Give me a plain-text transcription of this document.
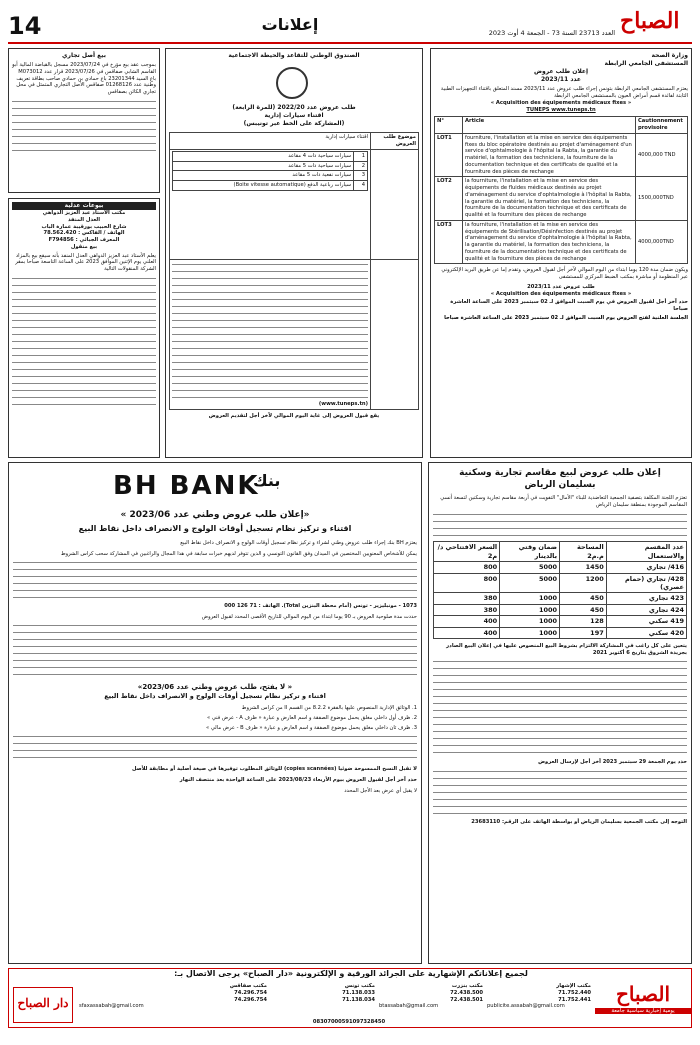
14	إعلانات	الصباح
العدد 23713 السنة 73 - الجمعة 4 أوت 2023
وزارة الصحة
المستشفى الجامعي الرابطة
إعلان طلب عروض
عدد 2023/11
يعتزم المستشفى الجامعي الرابطة بتونس إجراء طلب عروض عدد 2023/11 مسند المتعلق باقتناء التجهيزات الطبية الثابتة لفائدة قسم أمراض العيون بالمستشفى الجامعي الرابطة
« Acquisition des équipements médicaux fixes »
TUNEPS www.tuneps.tn
N°	Article	Cautionnement provisoire
LOT1	fourniture, l'installation et la mise en service des équipements fixes du bloc opératoire destinés au projet d'aménagement d'un service d'ophtalmologie à l'hôpital la Rabta, la garantie du matériel, la formation des techniciens, la fourniture de la documentation technique et des certificats de qualité et la fourniture des pièces de rechange	4000,000 TND
LOT2	la fourniture, l'installation et la mise en service des équipements de fluides médicaux destinés au projet d'aménagement du service d'ophtalmologie à l'hôpital la Rabta, la garantie du matériel, la formation des techniciens, la fourniture de la documentation technique et des certificats de qualité et la fourniture des pièces de rechange	1500,000TND
LOT3	la fourniture, l'installation et la mise en service des équipements de Stérilisation/Désinfection destinés au projet d'aménagement du service d'ophtalmologie à l'hôpital la Rabta, la garantie du matériel, la formation des techniciens, la fourniture de la documentation technique et des certificats de qualité et la fourniture des pièces de rechange	4000,000TND
ويكون ضمان مدة 120 يوما ابتداء من اليوم الموالي لآخر أجل لقبول العروض، وتقدم إما عن طريق البريد الإلكتروني عبر المنظومة أو مباشرة بمكتب الضبط المركزي للمستشفى
طلب عروض عدد 2023/11
« Acquisition des équipements médicaux fixes »
حدد آخر أجل لقبول العروض في يوم السبت الموافق لـ 02 سبتمبر 2023 على الساعة العاشرة صباحا
الجلسة العلنية لفتح العروض يوم السبت الموافق لـ 02 سبتمبر 2023 على الساعة العاشرة صباحا
الصندوق الوطني للتقاعد والحيطة الاجتماعية
طلب عروض عدد 2022/20 (للمرة الرابعة)
اقتناء سيارات إدارية
(المشاركة على الخط عبر تونيبس)
موضوع طلب العروض	اقتناء سيارات إدارية

1	سيارات سياحية ذات 4 مقاعد
2	سيارات سياحية ذات 5 مقاعد
3	سيارات نفعية ذات 5 مقاعد
4	سيارات رباعية الدفع (Boite vitesse automatique)

(www.tuneps.tn)
يقع قبول العروض إلى غاية اليوم الموالي لآخر أجل لتقديم العروض
بيع أصل تجاري
بموجب عقد بيع مؤرخ في 2023/07/24 مسجل بالقباضة المالية أبو القاسم الشابي صفاقس في 2023/07/26 قرار عدد M073012 باع السيد 23201344 باع حمادي بن حمادي صاحب بطاقة تعريف وطنية عدد 01268126 صفاقس الأصل التجاري المتمثل في محل تجاري الكائن بصفاقس
بيوعات عدلية
مكتب الأستاذ عبد العزيز الدواهي
العدل المنفذ
شارع الحبيب بورقيبة عمارة الباب
الهاتف / الفاكس : 78.562.420
المعرف الجبائي : F794856
بيع منقول
يعلم الأستاذ عبد العزيز الدواهي العدل المنفذ بأنه سيقع بيع بالمزاد العلني يوم الإثنين الموافق 2023 على الساعة التاسعة صباحا بمقر الشركة المنقولات التالية
BH BANK
بنك
«إعلان طلب عروض وطني عدد 2023/06 »
اقتناء و تركيز نظام تسجيل أوقات الولوج و الانصراف داخل نقاط البيع
يعتزم BH بنك إجراء طلب عروض وطني لشراء و تركيز نظام تسجيل أوقات الولوج و الانصراف داخل نقاط البيع
يمكن للأشخاص المعنويين المختصين في الميدان وفق القانون التونسي و الذين تتوفر لديهم خبرات سابقة في هذا المجال والراغبين في المشاركة سحب كراس الشروط
1073 - مونبليزير - تونس (أمام محطة البنزين Total). الهاتف : 71 126 000
حددت مدة صلوحية العروض بـ 90 يوما ابتداء من اليوم الموالي للتاريخ الأقصى المحدد لقبول العروض
« لا يفتح، طلب عروض وطني عدد 2023/06»
اقتناء و تركيز نظام تسجيل أوقات الولوج و الانصراف داخل نقاط البيع
1. الوثائق الإدارية المنصوص عليها بالفقرة 8.2.2 من القسم II من كراس الشروط
2. ظرف أول داخلي مغلق يحمل موضوع الصفقة و اسم العارض و عبارة « ظرف A - عرض فني »
3. ظرف ثان داخلي مغلق يحمل موضوع الصفقة و اسم العارض و عبارة « ظرف B - عرض مالي »
لا تقبل النسخ الممسوحة ضوئيا (copies scannées) للوثائق المطلوب توفيرها في صيغة أصلية أو مطابقة للأصل
حدد آخر أجل لقبول العروض بيوم الأربعاء 2023/08/23 على الساعة الواحدة بعد منتصف النهار
لا يقبل أي عرض بعد الأجل المحدد
إعلان طلب عروض لبيع مقاسم تجارية وسكنية
بسليمان الرياض
تعتزم اللجنة المكلفة بتصفية الجمعية التعاضدية للبناء "الأمال" التفويت في أربعة مقاسم تجارية وسكنين لتسعة أنسي المقاسم الموجودة بمنطقة سليمان الرياض
عدد المقسم والاستعمال	المساحة م.م2	ضمان وقتي بالدينار	السعر الافتتاحي د/م2
416/ تجاري	1450	5000	800
428/ تجاري (حمام عصري)	1200	5000	800
423 تجاري	450	1000	380
424 تجاري	450	1000	380
419 سكني	128	1000	400
420 سكني	197	1000	400
يتعين على كل راغب في المشاركة الالتزام بشروط البيع المنصوص عليها في إعلان البيع الصادر بجريدة الشروق بتاريخ 6 أكتوبر 2021
حدد يوم الجمعة 29 سبتمبر 2023 آخر أجل لإرسال العروض
التوجه إلى مكتب الجمعية بسليمان الرياض أو بواسطة الهاتف على الرقم: 23683110
لجميع إعلاناتكم الإشهارية على الجرائد الورقية و الإلكترونية «دار الصباح» يرجى الاتصال بـ:
الصباح
يومية إخبارية سياسية جامعة
دار الصباح
مكتب الإشهار
71.752.440
71.752.441
publicite.assabah@gmail.com
مكتب بنزرت
72.438.500
72.438.501
btassabah@gmail.com
مكتب تونس
71.138.033
71.138.034
مكتب صفاقس
74.296.754
74.296.754
sfaxassabah@gmail.com
08307000591097328450
